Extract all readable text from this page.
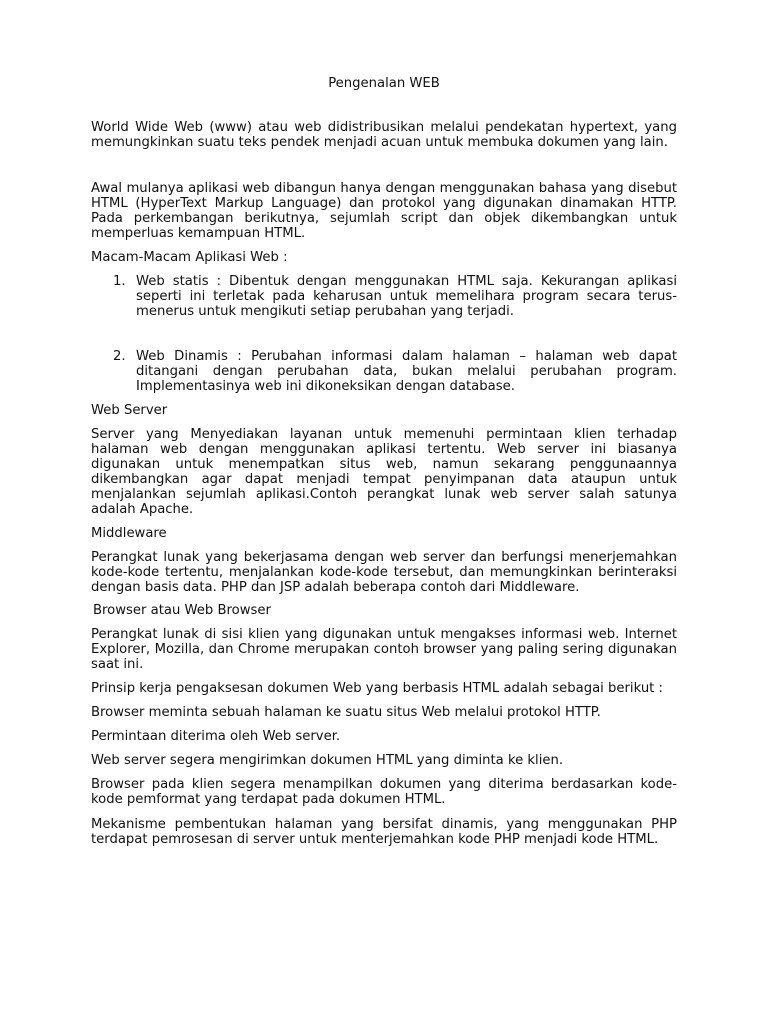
Pengenalan WEB

World Wide Web (www) atau web didistribusikan melalui pendekatan hypertext, yang memungkinkan suatu teks pendek menjadi acuan untuk membuka dokumen yang lain.

Awal mulanya aplikasi web dibangun hanya dengan menggunakan bahasa yang disebut HTML (HyperText Markup Language) dan protokol yang digunakan dinamakan HTTP. Pada perkembangan berikutnya, sejumlah script dan objek dikembangkan untuk memperluas kemampuan HTML.

Macam-Macam Aplikasi Web :

1. Web statis : Dibentuk dengan menggunakan HTML saja. Kekurangan aplikasi seperti ini terletak pada keharusan untuk memelihara program secara terus-menerus untuk mengikuti setiap perubahan yang terjadi.
2. Web Dinamis : Perubahan informasi dalam halaman – halaman web dapat ditangani dengan perubahan data, bukan melalui perubahan program. Implementasinya web ini dikoneksikan dengan database.

Web Server

Server yang Menyediakan layanan untuk memenuhi permintaan klien terhadap halaman web dengan menggunakan aplikasi tertentu. Web server ini biasanya digunakan untuk menempatkan situs web, namun sekarang penggunaannya dikembangkan agar dapat menjadi tempat penyimpanan data ataupun untuk menjalankan sejumlah aplikasi.Contoh perangkat lunak web server salah satunya adalah Apache.

Middleware

Perangkat lunak yang bekerjasama dengan web server dan berfungsi menerjemahkan kode-kode tertentu, menjalankan kode-kode tersebut, dan memungkinkan berinteraksi dengan basis data. PHP dan JSP adalah beberapa contoh dari Middleware.

Browser atau Web Browser

Perangkat lunak di sisi klien yang digunakan untuk mengakses informasi web. Internet Explorer, Mozilla, dan Chrome merupakan contoh browser yang paling sering digunakan saat ini.

Prinsip kerja pengaksesan dokumen Web yang berbasis HTML adalah sebagai berikut :

Browser meminta sebuah halaman ke suatu situs Web melalui protokol HTTP.

Permintaan diterima oleh Web server.

Web server segera mengirimkan dokumen HTML yang diminta ke klien.

Browser pada klien segera menampilkan dokumen yang diterima berdasarkan kode-kode pemformat yang terdapat pada dokumen HTML.

Mekanisme pembentukan halaman yang bersifat dinamis, yang menggunakan PHP terdapat pemrosesan di server untuk menterjemahkan kode PHP menjadi kode HTML.
